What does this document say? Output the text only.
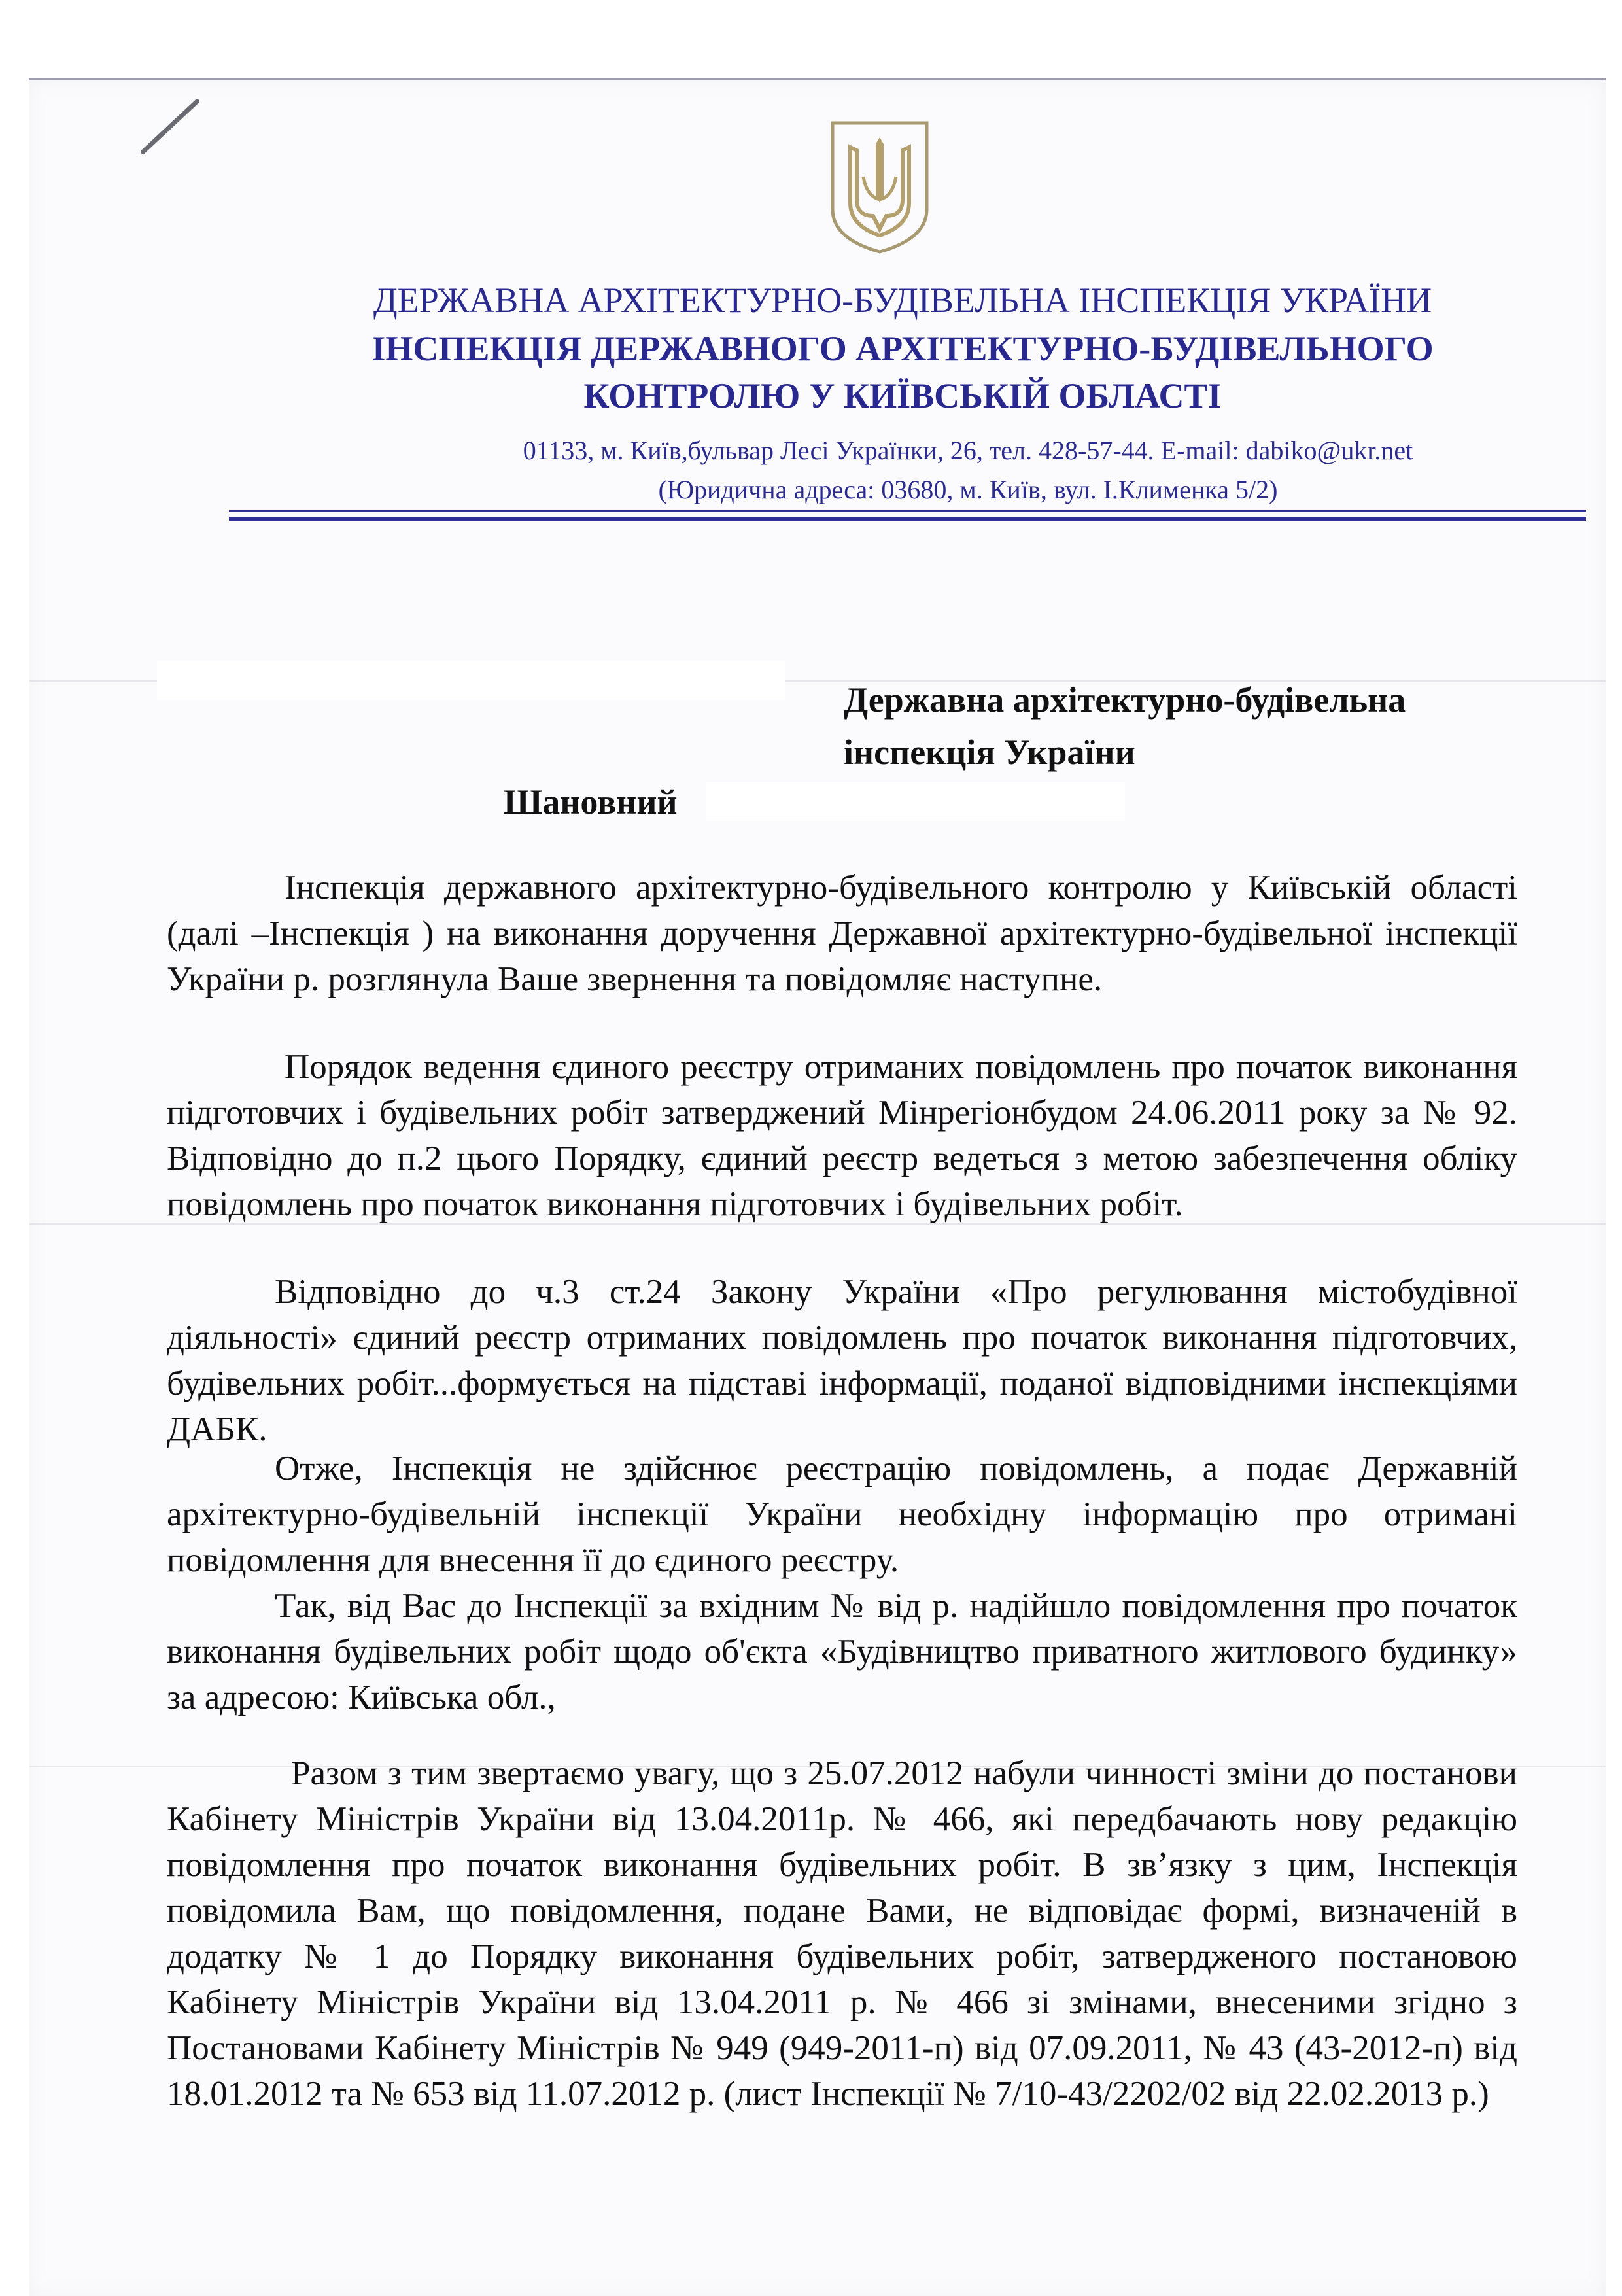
ДЕРЖАВНА АРХІТЕКТУРНО-БУДІВЕЛЬНА ІНСПЕКЦІЯ УКРАЇНИ
ІНСПЕКЦІЯ ДЕРЖАВНОГО АРХІТЕКТУРНО-БУДІВЕЛЬНОГО
КОНТРОЛЮ У КИЇВСЬКІЙ ОБЛАСТІ
01133, м. Київ,бульвар Лесі Українки, 26, тел. 428-57-44. E-mail: dabiko@ukr.net
(Юридична адреса: 03680, м. Київ, вул. І.Клименка 5/2)
Державна архітектурно-будівельна
інспекція України
Шановний
Інспекція державного архітектурно-будівельного контролю у Київській області (далі –Інспекція ) на виконання доручення Державної архітектурно-будівельної інспекції України р. розглянула Ваше звернення та повідомляє наступне.
Порядок ведення єдиного реєстру отриманих повідомлень про початок виконання підготовчих і будівельних робіт затверджений Мінрегіонбудом 24.06.2011 року за № 92. Відповідно до п.2 цього Порядку, єдиний реєстр ведеться з метою забезпечення обліку повідомлень про початок виконання підготовчих і будівельних робіт.
Відповідно до ч.3 ст.24 Закону України «Про регулювання містобудівної діяльності» єдиний реєстр отриманих повідомлень про початок виконання підготовчих, будівельних робіт...формується на підставі інформації, поданої відповідними інспекціями ДАБК.
Отже, Інспекція не здійснює реєстрацію повідомлень, а подає Державній архітектурно-будівельній інспекції України необхідну інформацію про отримані повідомлення для внесення її до єдиного реєстру.
Так, від Вас до Інспекції за вхідним № від р. надійшло повідомлення про початок виконання будівельних робіт щодо об'єкта «Будівництво приватного житлового будинку» за адресою: Київська обл.,
Разом з тим звертаємо увагу, що з 25.07.2012 набули чинності зміни до постанови Кабінету Міністрів України від 13.04.2011р. № 466, які передбачають нову редакцію повідомлення про початок виконання будівельних робіт. В зв’язку з цим, Інспекція повідомила Вам, що повідомлення, подане Вами, не відповідає формі, визначеній в додатку № 1 до Порядку виконання будівельних робіт, затвердженого постановою Кабінету Міністрів України від 13.04.2011 р. № 466 зі змінами, внесеними згідно з Постановами Кабінету Міністрів № 949 (949-2011-п) від 07.09.2011, № 43 (43-2012-п) від 18.01.2012 та № 653 від 11.07.2012 р. (лист Інспекції № 7/10-43/2202/02 від 22.02.2013 р.)
